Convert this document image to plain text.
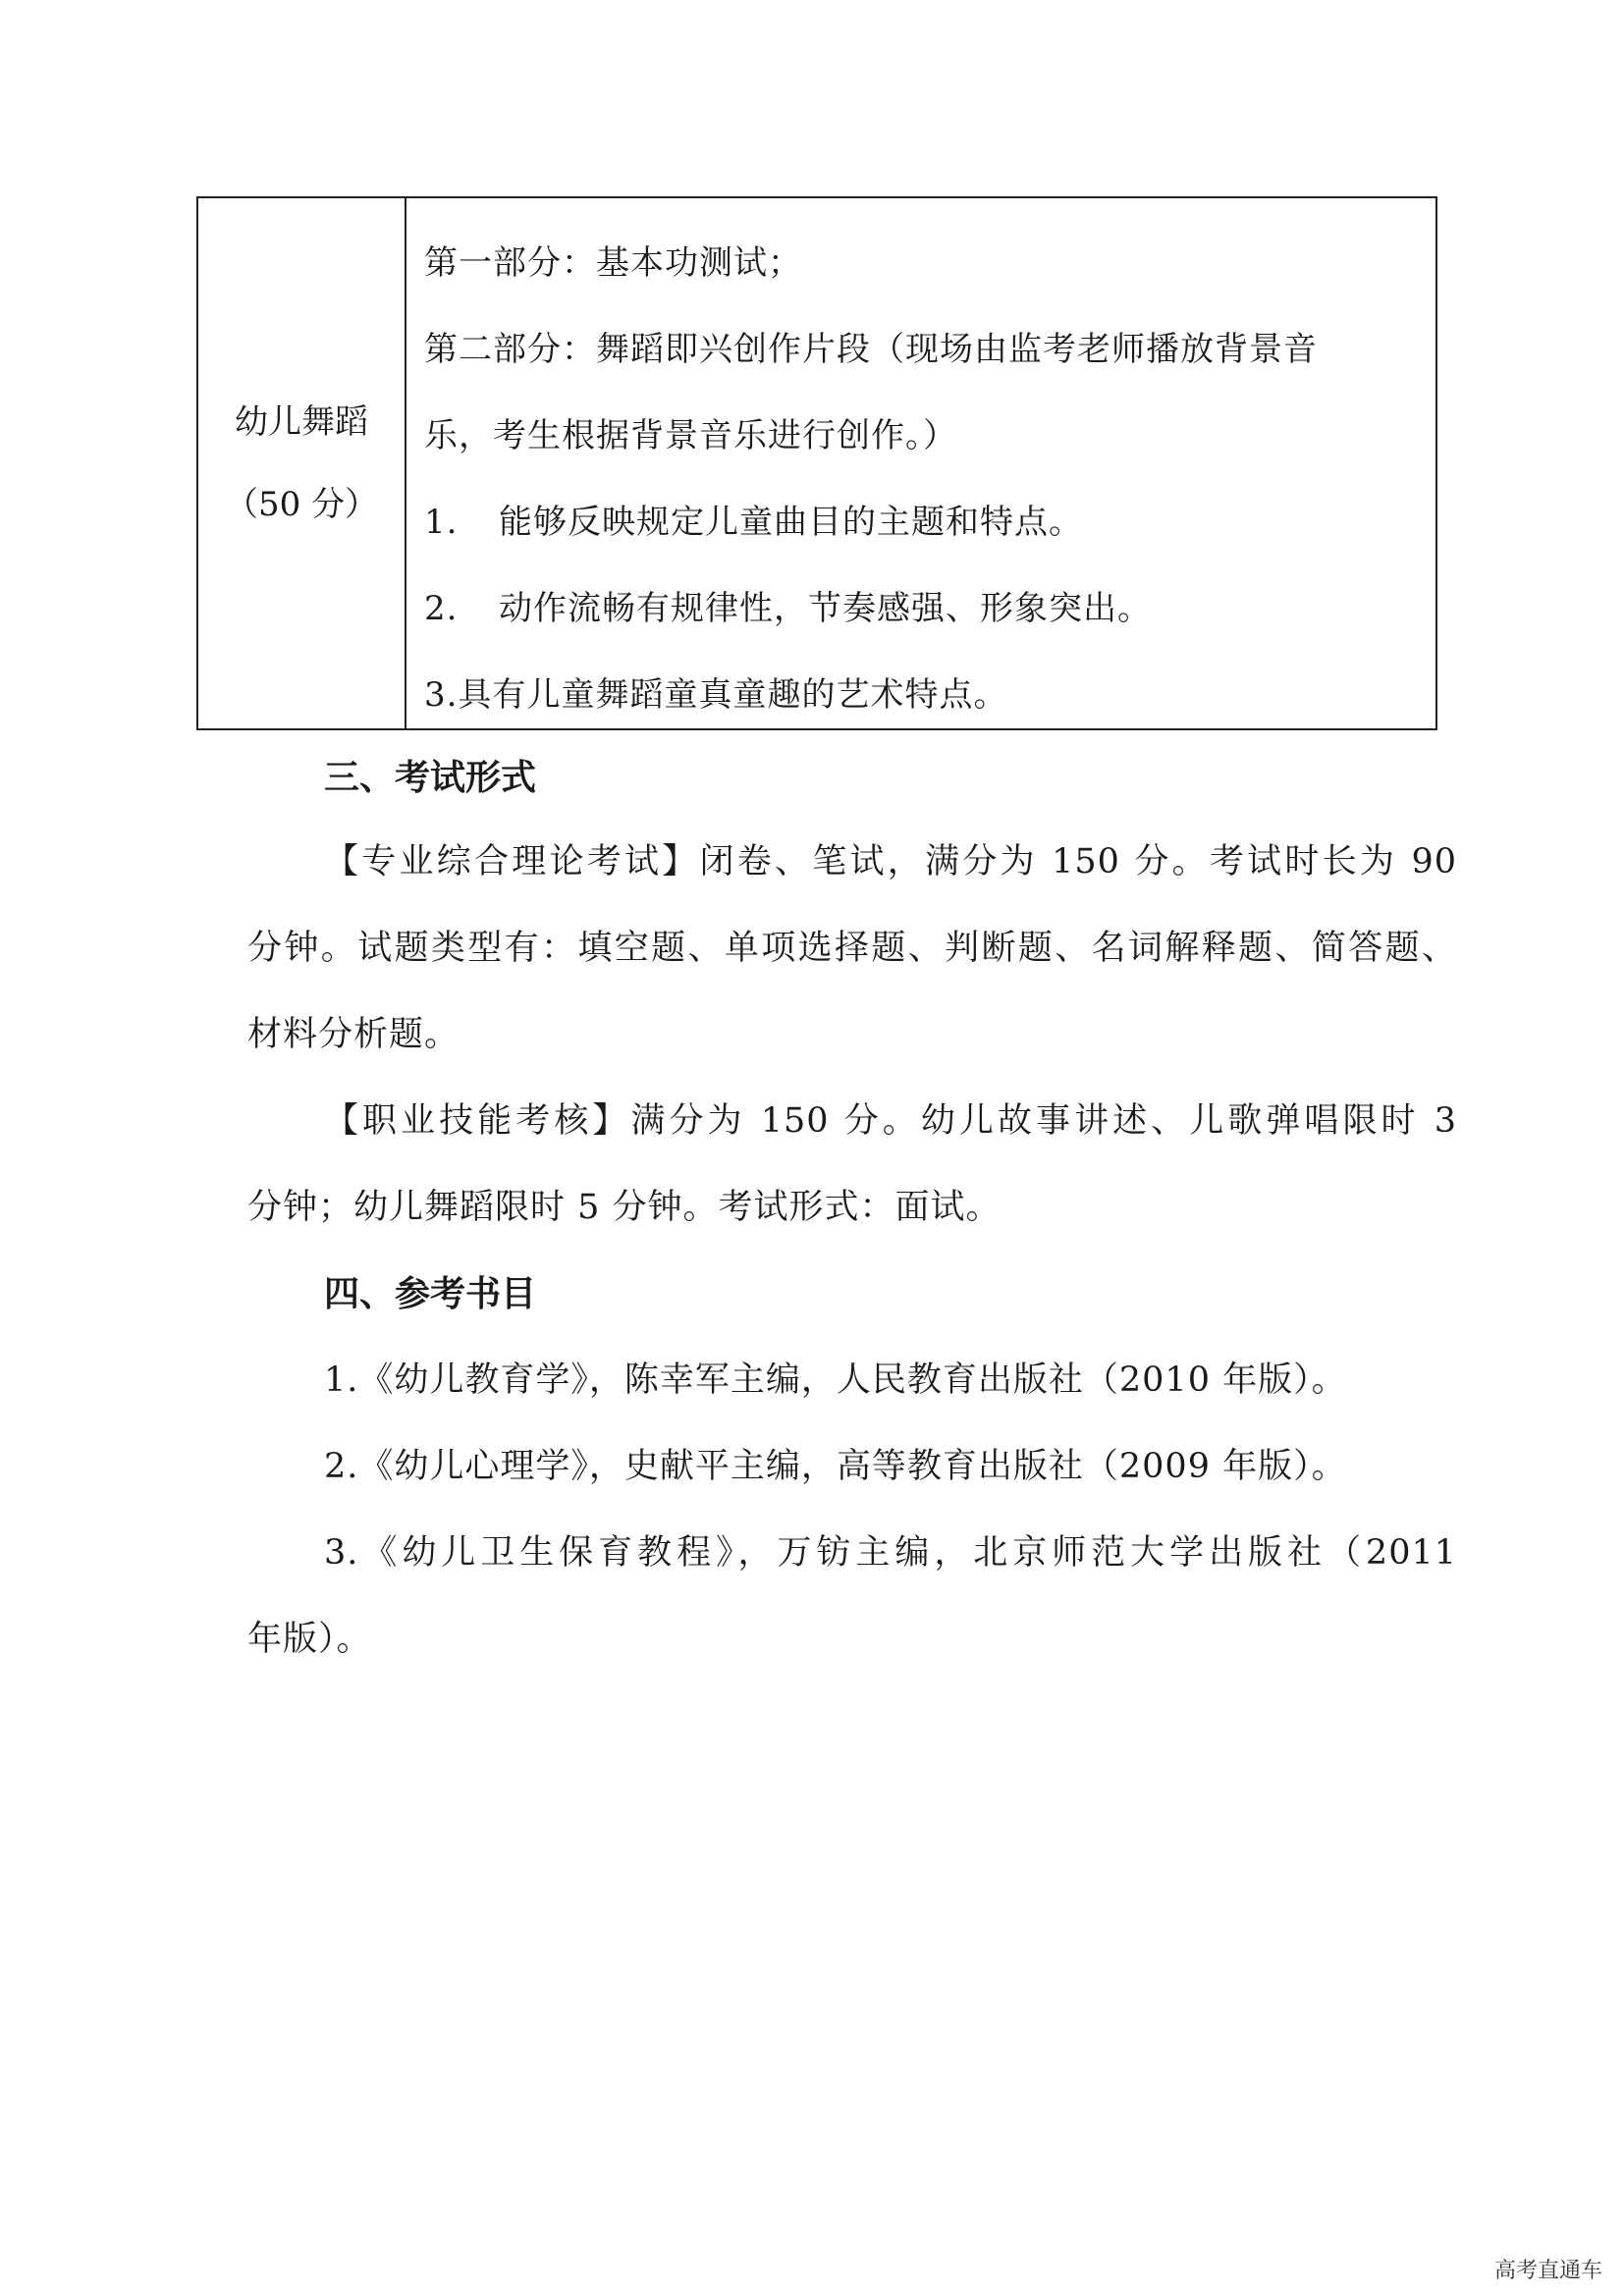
幼儿舞蹈
（50 分）
第一部分：基本功测试；
第二部分：舞蹈即兴创作片段（现场由监考老师播放背景音
乐，考生根据背景音乐进行创作。）
1. 能够反映规定儿童曲目的主题和特点。
2. 动作流畅有规律性，节奏感强、形象突出。
3.具有儿童舞蹈童真童趣的艺术特点。
三、考试形式
【专业综合理论考试】闭卷、笔试，满分为 150 分。考试时长为 90
分钟。试题类型有：填空题、单项选择题、判断题、名词解释题、简答题、
材料分析题。
【职业技能考核】满分为 150 分。幼儿故事讲述、儿歌弹唱限时 3
分钟；幼儿舞蹈限时 5 分钟。考试形式：面试。
四、参考书目
1.《幼儿教育学》，陈幸军主编，人民教育出版社（2010 年版）。
2.《幼儿心理学》，史献平主编，高等教育出版社（2009 年版）。
3.《幼儿卫生保育教程》，万钫主编，北京师范大学出版社（2011
年版）。
高考直通车
